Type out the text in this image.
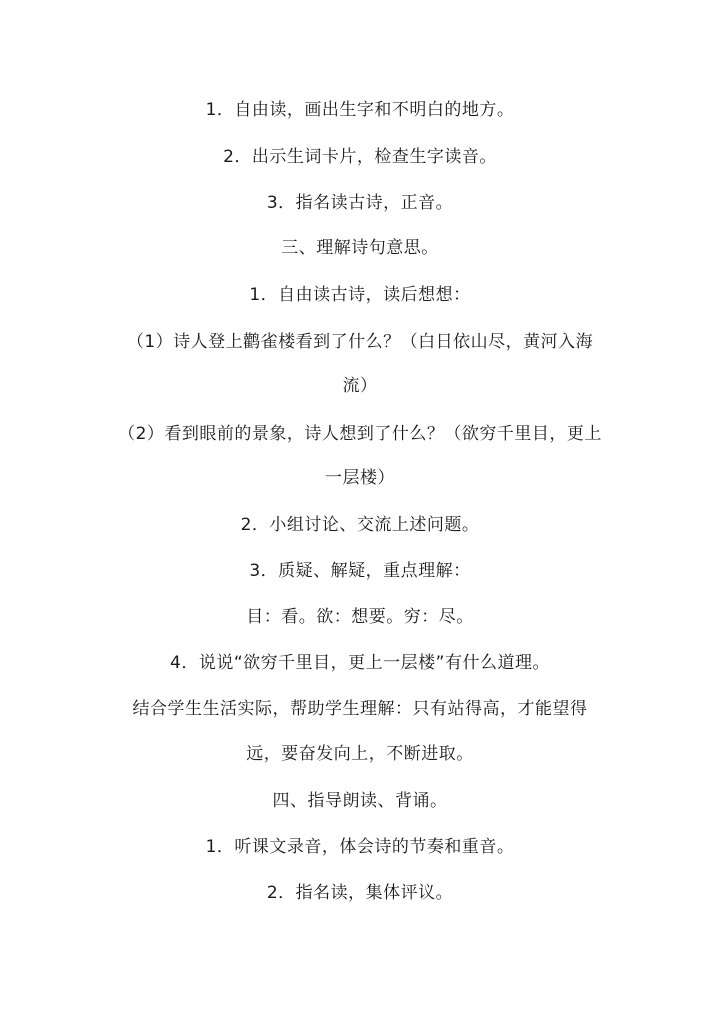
1．自由读，画出生字和不明白的地方。
2．出示生词卡片，检查生字读音。
3．指名读古诗，正音。
三、理解诗句意思。
1．自由读古诗，读后想想：
（1）诗人登上鹳雀楼看到了什么？（白日依山尽，黄河入海
流）
（2）看到眼前的景象，诗人想到了什么？（欲穷千里目，更上
一层楼）
2．小组讨论、交流上述问题。
3．质疑、解疑，重点理解：
目：看。欲：想要。穷：尽。
4．说说“欲穷千里目，更上一层楼”有什么道理。
结合学生生活实际，帮助学生理解：只有站得高，才能望得
远，要奋发向上，不断进取。
四、指导朗读、背诵。
1．听课文录音，体会诗的节奏和重音。
2．指名读，集体评议。
